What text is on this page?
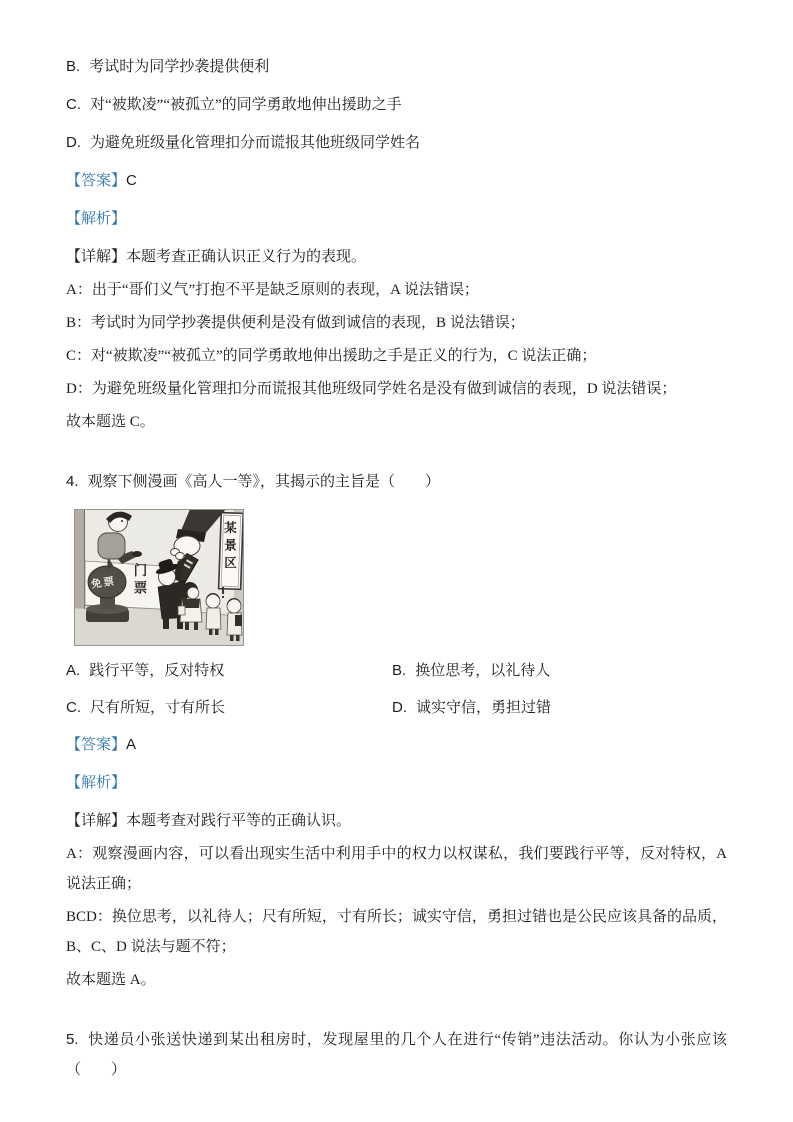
B. 考试时为同学抄袭提供便利

C. 对“被欺凌”“被孤立”的同学勇敢地伸出援助之手

D. 为避免班级量化管理扣分而谎报其他班级同学姓名

【答案】C

【解析】

【详解】本题考查正确认识正义行为的表现。

A：出于“哥们义气”打抱不平是缺乏原则的表现，A 说法错误；

B：考试时为同学抄袭提供便利是没有做到诚信的表现，B 说法错误；

C：对“被欺凌”“被孤立”的同学勇敢地伸出援助之手是正义的行为，C 说法正确；

D：为避免班级量化管理扣分而谎报其他班级同学姓名是没有做到诚信的表现，D 说法错误；

故本题选 C。

4. 观察下侧漫画《高人一等》，其揭示的主旨是（　　）

某景区
门票
免票
A. 践行平等，反对特权	B. 换位思考，以礼待人
C. 尺有所短，寸有所长	D. 诚实守信，勇担过错

【答案】A

【解析】

【详解】本题考查对践行平等的正确认识。

A：观察漫画内容，可以看出现实生活中利用手中的权力以权谋私，我们要践行平等，反对特权，A 说法正确；

BCD：换位思考，以礼待人；尺有所短，寸有所长；诚实守信，勇担过错也是公民应该具备的品质，B、C、D 说法与题不符；

故本题选 A。

5. 快递员小张送快递到某出租房时，发现屋里的几个人在进行“传销”违法活动。你认为小张应该（　　）
